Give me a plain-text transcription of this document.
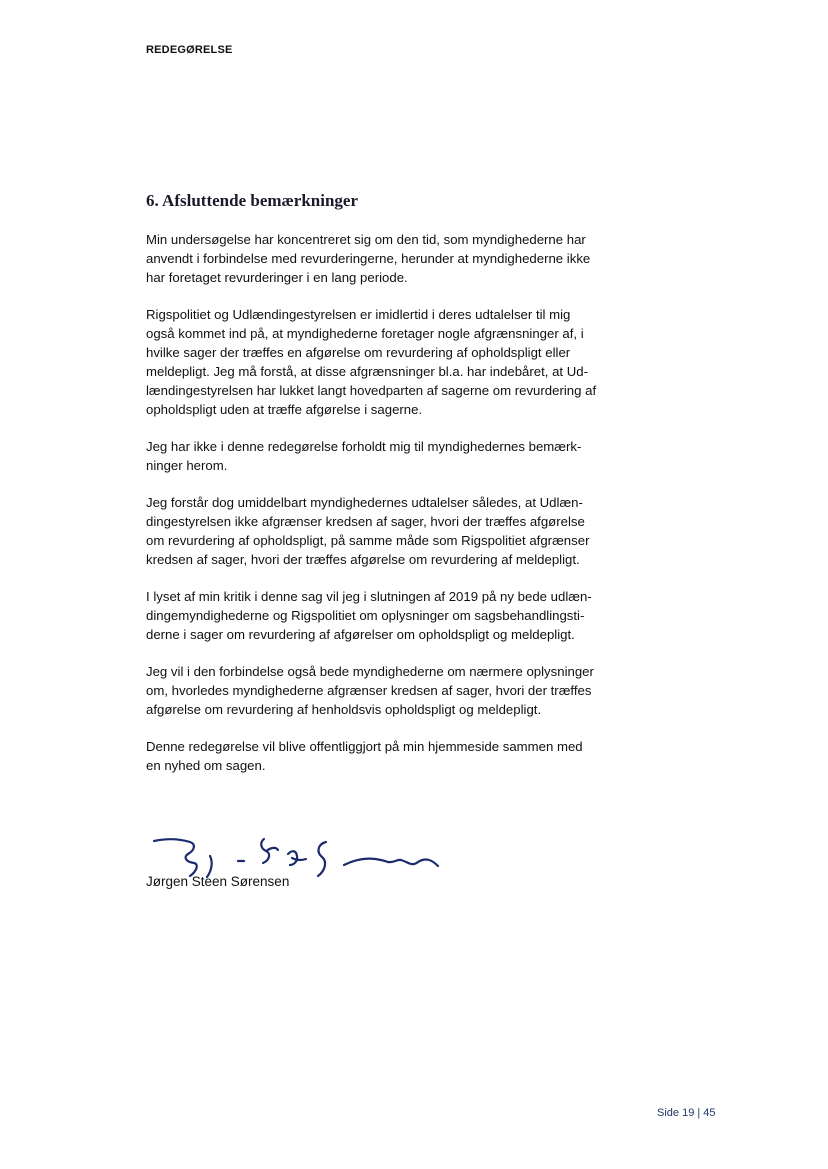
REDEGØRELSE
6. Afsluttende bemærkninger

Min undersøgelse har koncentreret sig om den tid, som myndighederne har
anvendt i forbindelse med revurderingerne, herunder at myndighederne ikke
har foretaget revurderinger i en lang periode.

Rigspolitiet og Udlændingestyrelsen er imidlertid i deres udtalelser til mig
også kommet ind på, at myndighederne foretager nogle afgrænsninger af, i
hvilke sager der træffes en afgørelse om revurdering af opholdspligt eller
meldepligt. Jeg må forstå, at disse afgrænsninger bl.a. har indebåret, at Ud-
lændingestyrelsen har lukket langt hovedparten af sagerne om revurdering af
opholdspligt uden at træffe afgørelse i sagerne.

Jeg har ikke i denne redegørelse forholdt mig til myndighedernes bemærk-
ninger herom.

Jeg forstår dog umiddelbart myndighedernes udtalelser således, at Udlæn-
dingestyrelsen ikke afgrænser kredsen af sager, hvori der træffes afgørelse
om revurdering af opholdspligt, på samme måde som Rigspolitiet afgrænser
kredsen af sager, hvori der træffes afgørelse om revurdering af meldepligt.

I lyset af min kritik i denne sag vil jeg i slutningen af 2019 på ny bede udlæn-
dingemyndighederne og Rigspolitiet om oplysninger om sagsbehandlingsti-
derne i sager om revurdering af afgørelser om opholdspligt og meldepligt.

Jeg vil i den forbindelse også bede myndighederne om nærmere oplysninger
om, hvorledes myndighederne afgrænser kredsen af sager, hvori der træffes
afgørelse om revurdering af henholdsvis opholdspligt og meldepligt.

Denne redegørelse vil blive offentliggjort på min hjemmeside sammen med
en nyhed om sagen.

Jørgen Steen Sørensen
Side 19 | 45
